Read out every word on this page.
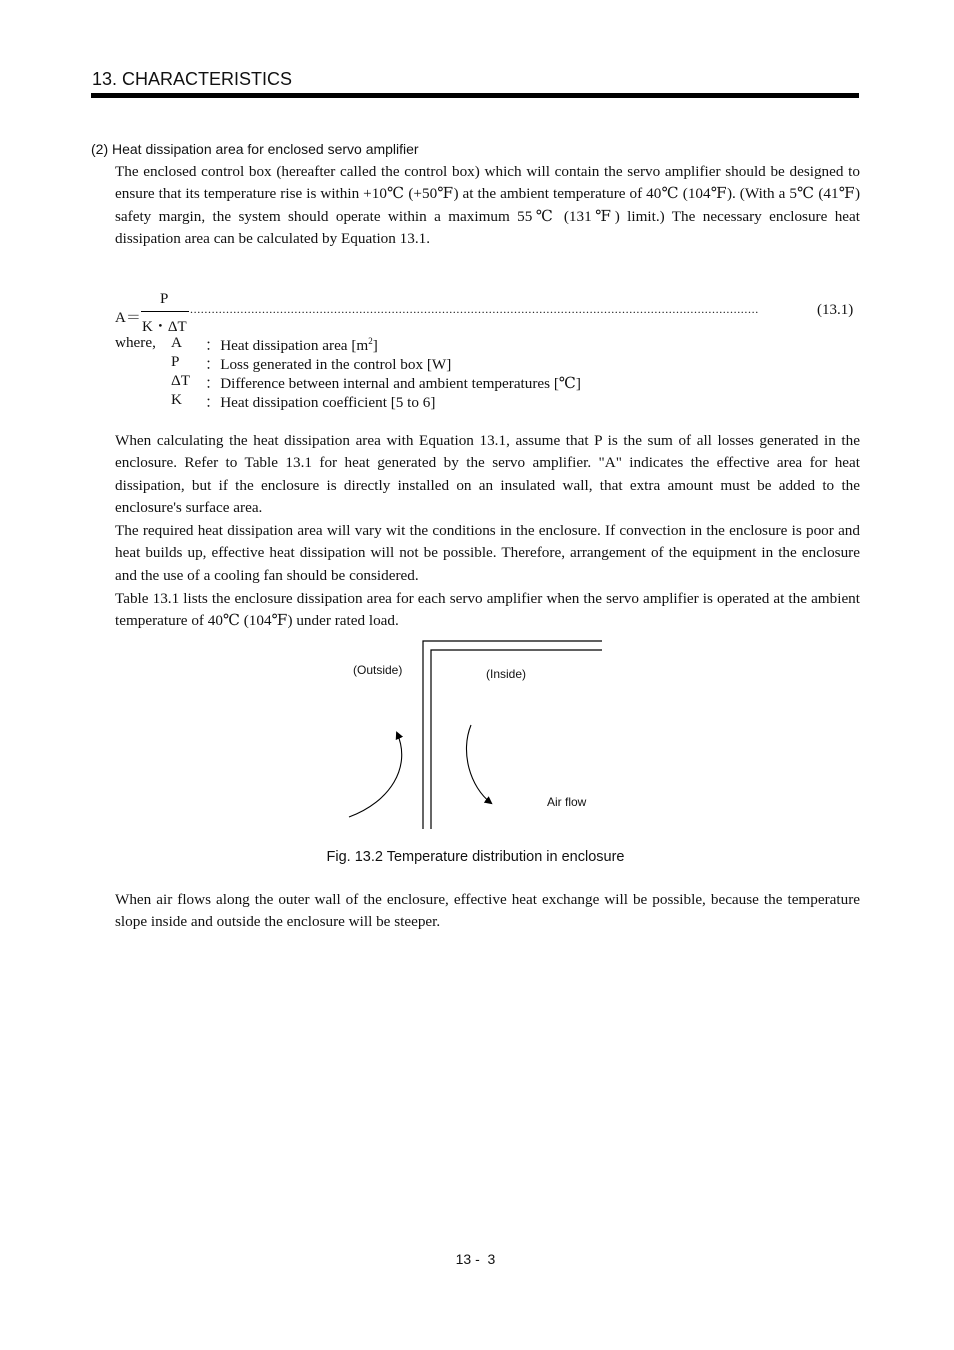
13. CHARACTERISTICS
(2) Heat dissipation area for enclosed servo amplifier

The enclosed control box (hereafter called the control box) which will contain the servo amplifier should be designed to ensure that its temperature rise is within +10℃ (+50℉) at the ambient temperature of 40℃ (104℉). (With a 5℃ (41℉) safety margin, the system should operate within a maximum 55℃ (131℉) limit.) The necessary enclosure heat dissipation area can be calculated by Equation 13.1.

A＝
P
K・ΔT
..............................................................................................................................................................	(13.1)
where, A ：Heat dissipation area $[m^2]$
P ：Loss generated in the control box [W]
ΔT ：Difference between internal and ambient temperatures [℃]
K ：Heat dissipation coefficient [5 to 6]

When calculating the heat dissipation area with Equation 13.1, assume that P is the sum of all losses generated in the enclosure. Refer to Table 13.1 for heat generated by the servo amplifier. "A" indicates the effective area for heat dissipation, but if the enclosure is directly installed on an insulated wall, that extra amount must be added to the enclosure's surface area.

The required heat dissipation area will vary wit the conditions in the enclosure. If convection in the enclosure is poor and heat builds up, effective heat dissipation will not be possible. Therefore, arrangement of the equipment in the enclosure and the use of a cooling fan should be considered.

Table 13.1 lists the enclosure dissipation area for each servo amplifier when the servo amplifier is operated at the ambient temperature of 40℃ (104℉) under rated load.

(Outside)	(Inside)
Air flow
Fig. 13.2 Temperature distribution in enclosure

When air flows along the outer wall of the enclosure, effective heat exchange will be possible, because the temperature slope inside and outside the enclosure will be steeper.

13 -  3
